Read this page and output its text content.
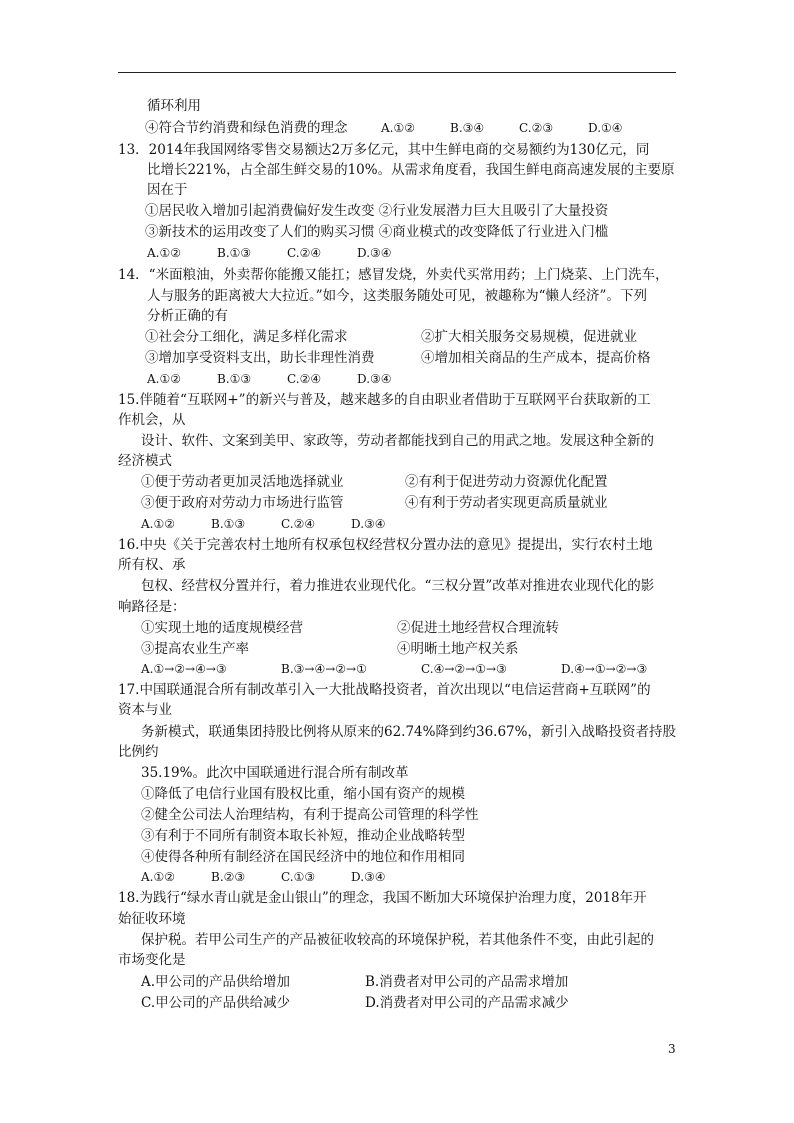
循环利用
④符合节约消费和绿色消费的理念	A.①②	B.③④	C.②③	D.①④
13．2014年我国网络零售交易额达2万多亿元，其中生鲜电商的交易额约为130亿元，同
比增长221%，占全部生鲜交易的10%。从需求角度看，我国生鲜电商高速发展的主要原
因在于
①居民收入增加引起消费偏好发生改变 ②行业发展潜力巨大且吸引了大量投资
③新技术的运用改变了人们的购买习惯 ④商业模式的改变降低了行业进入门槛
A.①②	B.①③	C.②④	D.③④
14．“米面粮油，外卖帮你能搬又能扛；感冒发烧，外卖代买常用药；上门烧菜、上门洗车，
人与服务的距离被大大拉近。”如今，这类服务随处可见，被趣称为“懒人经济”。下列
分析正确的有
①社会分工细化，满足多样化需求	②扩大相关服务交易规模，促进就业
③增加享受资料支出，助长非理性消费	④增加相关商品的生产成本，提高价格
A.①②	B.①③	C.②④	D.③④
15.伴随着“互联网+”的新兴与普及，越来越多的自由职业者借助于互联网平台获取新的工
作机会，从
设计、软件、文案到美甲、家政等，劳动者都能找到自己的用武之地。发展这种全新的
经济模式
①便于劳动者更加灵活地选择就业	②有利于促进劳动力资源优化配置
③便于政府对劳动力市场进行监管	④有利于劳动者实现更高质量就业
A.①②	B.①③	C.②④	D.③④
16.中央《关于完善农村土地所有权承包权经营权分置办法的意见》提提出，实行农村土地
所有权、承
包权、经营权分置并行，着力推进农业现代化。“三权分置”改革对推进农业现代化的影
响路径是：
①实现土地的适度规模经营	②促进土地经营权合理流转
③提高农业生产率	④明晰土地产权关系
A.①→②→④→③	B.③→④→②→①	C.④→②→①→③	D.④→①→②→③
17.中国联通混合所有制改革引入一大批战略投资者，首次出现以“电信运营商+互联网”的
资本与业
务新模式，联通集团持股比例将从原来的62.74%降到约36.67%，新引入战略投资者持股
比例约
35.19%。此次中国联通进行混合所有制改革
①降低了电信行业国有股权比重，缩小国有资产的规模
②健全公司法人治理结构，有利于提高公司管理的科学性
③有利于不同所有制资本取长补短，推动企业战略转型
④使得各种所有制经济在国民经济中的地位和作用相同
A.①②	B.②③	C.①③	D.③④
18.为践行“绿水青山就是金山银山”的理念，我国不断加大环境保护治理力度，2018年开
始征收环境
保护税。若甲公司生产的产品被征收较高的环境保护税，若其他条件不变，由此引起的
市场变化是
A.甲公司的产品供给增加	B.消费者对甲公司的产品需求增加
C.甲公司的产品供给减少	D.消费者对甲公司的产品需求减少
3
